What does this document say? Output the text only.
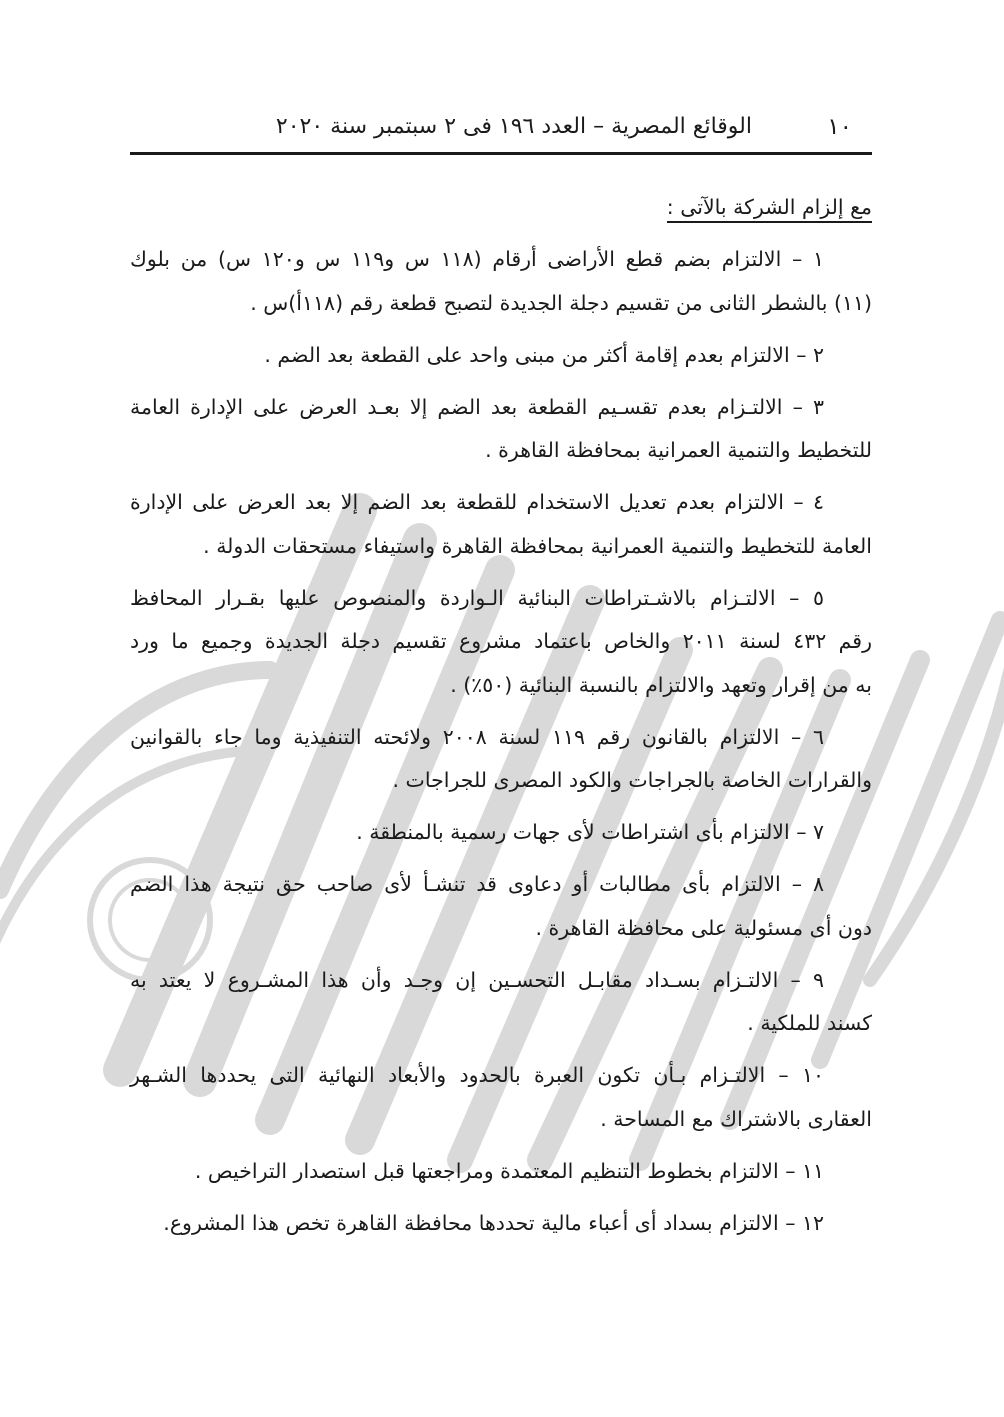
١٠
الوقائع المصرية – العدد ١٩٦ فى ٢ سبتمبر سنة ٢٠٢٠
مع إلزام الشركة بالآتى :
١ – الالتزام بضم قطع الأراضى أرقام (١١٨ س و١١٩ س و١٢٠ س) من بلوك
(١١) بالشطر الثانى من تقسيم دجلة الجديدة لتصبح قطعة رقم (١١٨أ)س .
٢ – الالتزام بعدم إقامة أكثر من مبنى واحد على القطعة بعد الضم .
٣ – الالتـزام بعدم تقسـيم القطعة بعد الضم إلا بعـد العرض على الإدارة العامة
للتخطيط والتنمية العمرانية بمحافظة القاهرة .
٤ – الالتزام بعدم تعديل الاستخدام للقطعة بعد الضم إلا بعد العرض على الإدارة
العامة للتخطيط والتنمية العمرانية بمحافظة القاهرة واستيفاء مستحقات الدولة .
٥ – الالتـزام بالاشـتراطات البنائية الـواردة والمنصوص عليها بقـرار المحافظ
رقم ٤٣٢ لسنة ٢٠١١ والخاص باعتماد مشروع تقسيم دجلة الجديدة وجميع ما ورد
به من إقرار وتعهد والالتزام بالنسبة البنائية (٥٠٪) .
٦ – الالتزام بالقانون رقم ١١٩ لسنة ٢٠٠٨ ولائحته التنفيذية وما جاء بالقوانين
والقرارات الخاصة بالجراجات والكود المصرى للجراجات .
٧ – الالتزام بأى اشتراطات لأى جهات رسمية بالمنطقة .
٨ – الالتزام بأى مطالبات أو دعاوى قد تنشـأ لأى صاحب حق نتيجة هذا الضم
دون أى مسئولية على محافظة القاهرة .
٩ – الالتـزام بسـداد مقابـل التحسـين إن وجـد وأن هذا المشـروع لا يعتد به
كسند للملكية .
١٠ – الالتـزام بـأن تكون العبرة بالحدود والأبعاد النهائية التى يحددها الشـهر
العقارى بالاشتراك مع المساحة .
١١ – الالتزام بخطوط التنظيم المعتمدة ومراجعتها قبل استصدار التراخيص .
١٢ – الالتزام بسداد أى أعباء مالية تحددها محافظة القاهرة تخص هذا المشروع.
